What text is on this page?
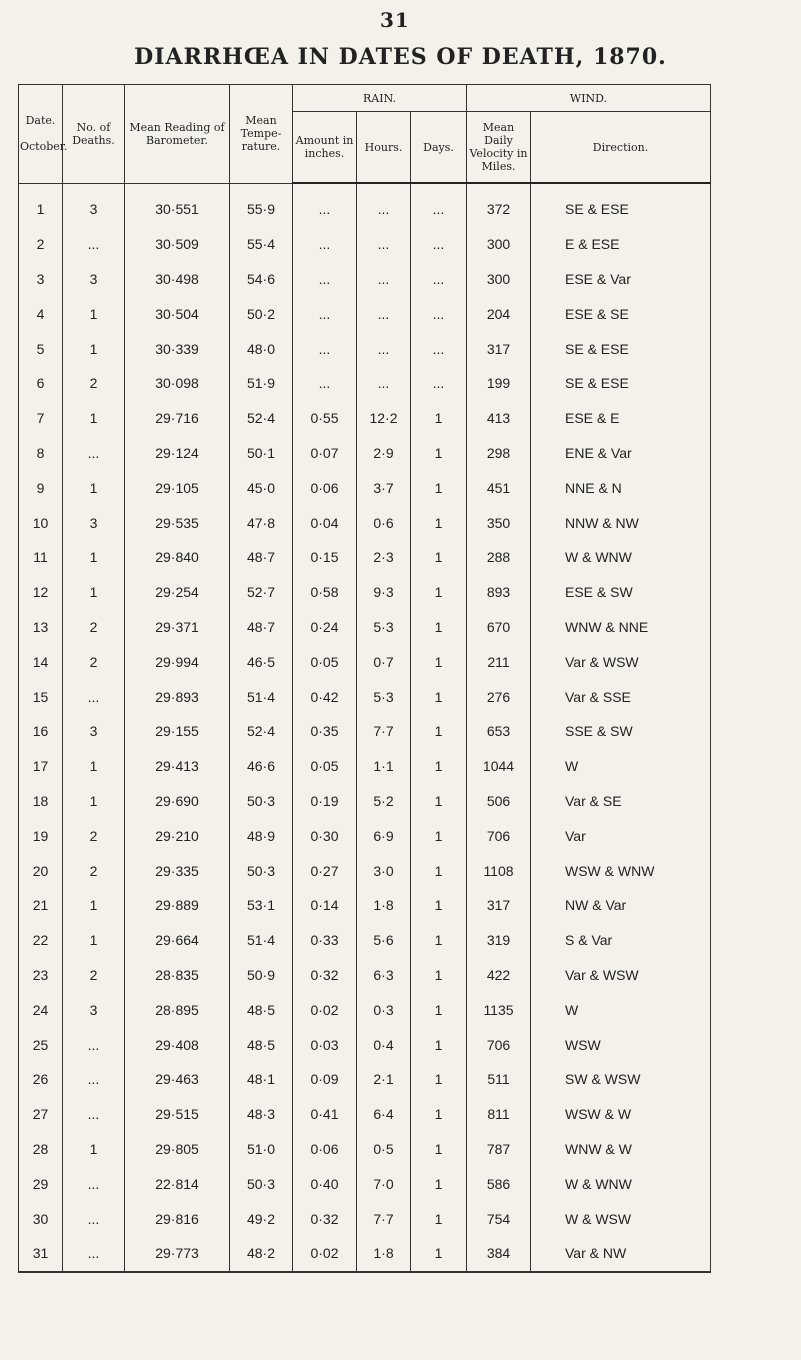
31
DIARRHŒA IN DATES OF DEATH, 1870.
Date.

October.	No. of Deaths.	Mean Reading of Barometer.	Mean Tempe-rature.	RAIN.			WIND.	
				Amount in inches.	Hours.	Days.	Mean Daily Velocity in Miles.	Direction.
1	3	30·551	55·9	...	...	...	372	SE & ESE
2	...	30·509	55·4	...	...	...	300	E & ESE
3	3	30·498	54·6	...	...	...	300	ESE & Var
4	1	30·504	50·2	...	...	...	204	ESE & SE
5	1	30·339	48·0	...	...	...	317	SE & ESE
6	2	30·098	51·9	...	...	...	199	SE & ESE
7	1	29·716	52·4	0·55	12·2	1	413	ESE & E
8	...	29·124	50·1	0·07	2·9	1	298	ENE & Var
9	1	29·105	45·0	0·06	3·7	1	451	NNE & N
10	3	29·535	47·8	0·04	0·6	1	350	NNW & NW
11	1	29·840	48·7	0·15	2·3	1	288	W & WNW
12	1	29·254	52·7	0·58	9·3	1	893	ESE & SW
13	2	29·371	48·7	0·24	5·3	1	670	WNW & NNE
14	2	29·994	46·5	0·05	0·7	1	211	Var & WSW
15	...	29·893	51·4	0·42	5·3	1	276	Var & SSE
16	3	29·155	52·4	0·35	7·7	1	653	SSE & SW
17	1	29·413	46·6	0·05	1·1	1	1044	W
18	1	29·690	50·3	0·19	5·2	1	506	Var & SE
19	2	29·210	48·9	0·30	6·9	1	706	Var
20	2	29·335	50·3	0·27	3·0	1	1108	WSW & WNW
21	1	29·889	53·1	0·14	1·8	1	317	NW & Var
22	1	29·664	51·4	0·33	5·6	1	319	S & Var
23	2	28·835	50·9	0·32	6·3	1	422	Var & WSW
24	3	28·895	48·5	0·02	0·3	1	1135	W
25	...	29·408	48·5	0·03	0·4	1	706	WSW
26	...	29·463	48·1	0·09	2·1	1	511	SW & WSW
27	...	29·515	48·3	0·41	6·4	1	811	WSW & W
28	1	29·805	51·0	0·06	0·5	1	787	WNW & W
29	...	22·814	50·3	0·40	7·0	1	586	W & WNW
30	...	29·816	49·2	0·32	7·7	1	754	W & WSW
31	...	29·773	48·2	0·02	1·8	1	384	Var & NW
